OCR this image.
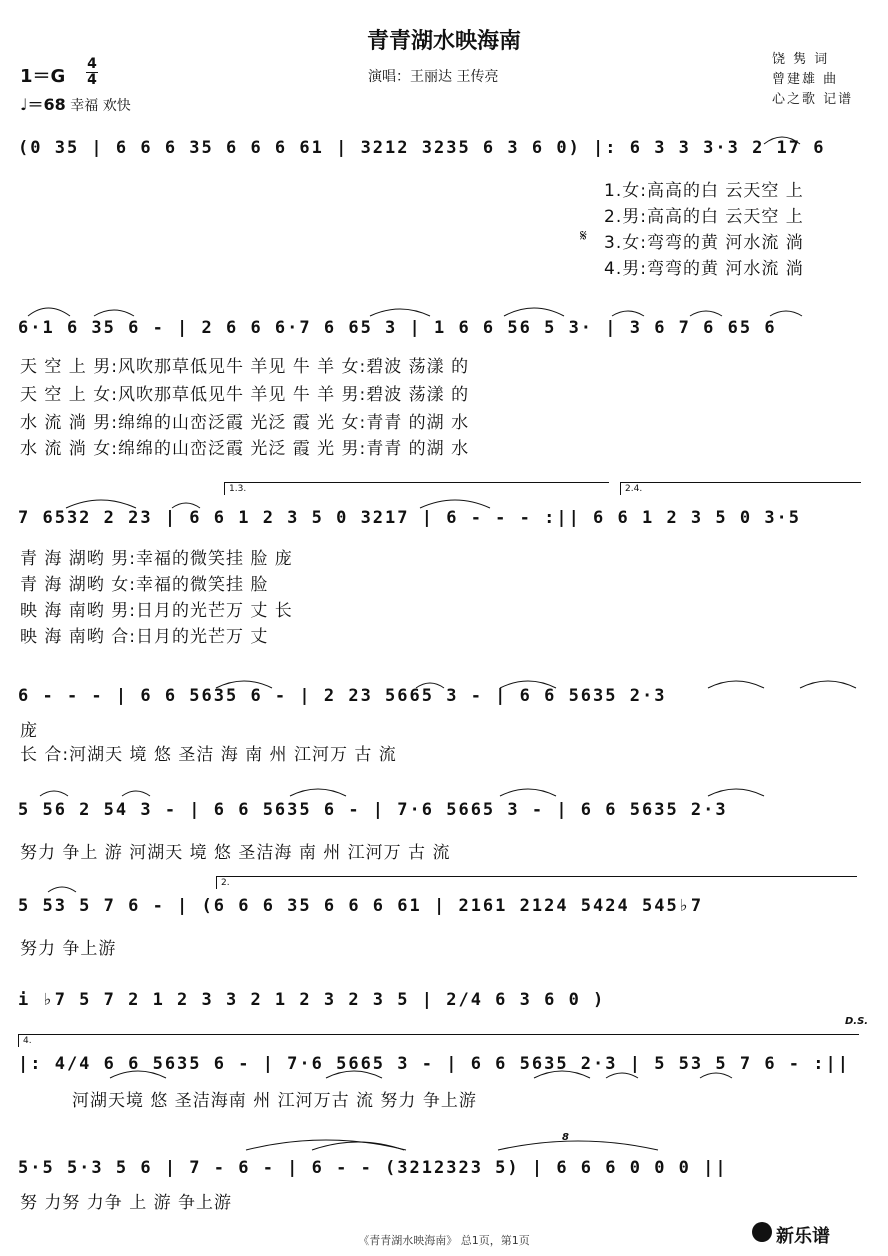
青青湖水映海南
1＝G
4
4
♩＝68 幸福 欢快
演唱：王丽达 王传亮
饶 隽 词
曾建雄 曲
心之歌 记谱
(0 35 | 6 6 6 35 6 6 6 61 | 3212 3235 6 3 6 0) |: 6 3 3 3·3 2 17 6
1.女:高高的白 云天空 上
2.男:高高的白 云天空 上
𝄋 3.女:弯弯的黄 河水流 淌
4.男:弯弯的黄 河水流 淌
6·1 6 35 6 - | 2 6 6 6·7 6 65 3 | 1 6 6 56 5 3· | 3 6 7 6 65 6
天 空 上 男:风吹那草低见牛 羊见 牛 羊 女:碧波 荡漾 的
天 空 上 女:风吹那草低见牛 羊见 牛 羊 男:碧波 荡漾 的
水 流 淌 男:绵绵的山峦泛霞 光泛 霞 光 女:青青 的湖 水
水 流 淌 女:绵绵的山峦泛霞 光泛 霞 光 男:青青 的湖 水
1.3.	2.4.
7 6532 2 23 | 6 6 1 2 3 5 0 3217 | 6 - - - :|| 6 6 1 2 3 5 0 3·5
青 海 湖哟 男:幸福的微笑挂 脸 庞
青 海 湖哟 女:幸福的微笑挂 脸
映 海 南哟 男:日月的光芒万 丈 长
映 海 南哟 合:日月的光芒万 丈
6 - - - | 6 6 5635 6 - | 2 23 5665 3 - | 6 6 5635 2·3
庞
长 合:河湖天 境 悠 圣洁 海 南 州 江河万 古 流
5 56 2 54 3 - | 6 6 5635 6 - | 7·6 5665 3 - | 6 6 5635 2·3
努力 争上 游 河湖天 境 悠 圣洁海 南 州 江河万 古 流
2.
5 53 5 7 6 - | (6 6 6 35 6 6 6 61 | 2161 2124 5424 545♭7
努力 争上游
i ♭7 5 7 2 1 2 3 3 2 1 2 3 2 3 5 | 2/4 6 3 6 0 )
D.S.
4.
|: 4/4 6 6 5635 6 - | 7·6 5665 3 - | 6 6 5635 2·3 | 5 53 5 7 6 - :||
河湖天境 悠 圣洁海南 州 江河万古 流 努力 争上游
8
5·5 5·3 5 6 | 7 - 6 - | 6 - - (3212323 5) | 6 6 6 0 0 0 ||
努 力努 力争 上 游 争上游
《青青湖水映海南》 总1页，第1页	新乐谱
